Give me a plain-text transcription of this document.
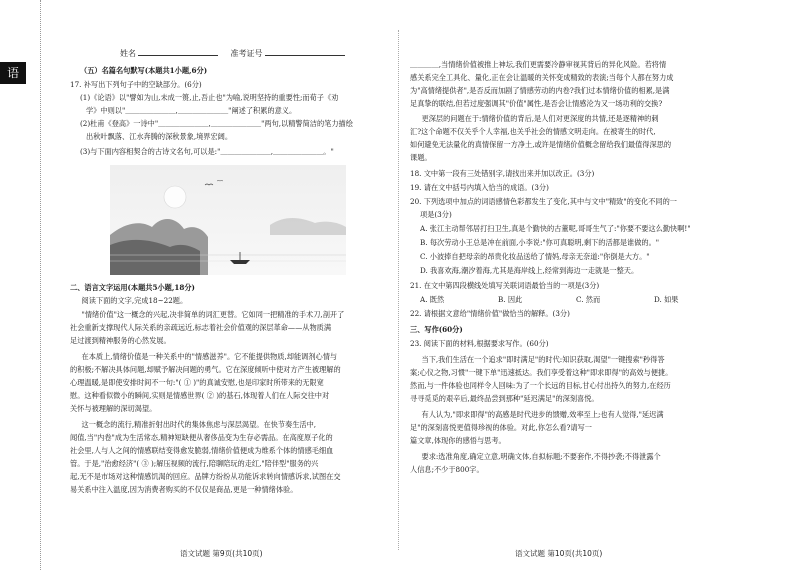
语
姓名	准考证号
（五）名篇名句默写(本题共1小题,6分)
17. 补写出下列句子中的空缺部分。(6分)
(1)《论语》以"譬如为山,未成一篑,止,吾止也"为喻,说明坚持的重要性;而荀子《劝
学》中则以"＿＿＿＿＿＿＿,＿＿＿＿＿＿＿"阐述了积累的意义。
(2)杜甫《登高》一诗中"＿＿＿＿＿＿＿,＿＿＿＿＿＿＿"两句,以精警简洁的笔力描绘
出秋叶飘落、江水奔腾的深秋景象,境界宏阔。
(3)与下面内容相契合的古诗文名句,可以是:"＿＿＿＿＿＿＿,＿＿＿＿＿＿＿。"
二、语言文字运用(本题共5小题,18分)
阅读下面的文字,完成18~22题。
"情绪价值"这一概念的兴起,决非简单的词汇更替。它如同一把精准的手术刀,剖开了
社会重新支撑现代人际关系的亲疏远近,标志着社会价值观的深层革命——从物质满
足过渡到精神服务的心然发展。
在本质上,情绪价值是一种关系中的"情感滋养"。它不能提供物质,却能调剂心情与
的积极;不解决具体问题,却赋予解决问题的勇气。它在深度倾听中使对方产生被理解的
心理温暖,是即使安排时间不一句:"( ① )"的真诚安慰,也是印家时所带来的无限宽
慰。这种看似微小的瞬间,实则是情感世界( ② )的基石,体现着人们在人际交往中对
关怀与被理解的深切渴望。
这一概念的流行,精准折射出时代的集体焦虑与深层渴望。在快节奏生活中,
闻值,当"内卷"成为生活常态,精神短缺便从奢侈品变为生存必需品。在高度原子化的
社会里,人与人之间的情感联结变得愈发脆弱,情绪价值便成为维系个体的情感毛细血
管。于是,"治愈经济"( ③ );解压视频的流行,陪聊陪玩的走红,"陪伴型"服务的兴
起,无不是市场对这种情感饥渴的回应。品牌方纷纷从功能诉求转向情感诉求,试图在交
易关系中注入温度,因为消费者购买的不仅仅是商品,更是一种情绪体验。
语文试题 第9页(共10页)
＿＿＿＿,当情绪价值被推上神坛,我们更需要冷静审视其背后的异化风险。若将情
感关系完全工具化、量化,正在会让温暖的关怀变成精致的表演;当每个人都在努力成
为"高情绪提供者",是否反而加剧了情感劳动的内卷?我们过本情绪价值的相累,是满
足真挚的联结,但若过度强调其"价值"属性,是否会让情感沦为又一场功利的交换?
更深层的问题在于:情绪价值的背后,是人们对更深度的共情,还是逐精神的刺
汇?这个命题不仅关乎个人幸福,也关乎社会的情感文明走向。在被寄生的时代,
如何避免无法量化的真情保留一方净土,或许是情绪价值概念留给我们最值得深思的
课题。
18. 文中第一段有三处错别字,请找出来并加以改正。(3分)
19. 请在文中括号内填入恰当的成语。(3分)
20. 下列选项中加点的词语感情色彩都发生了变化,其中与文中"精致"的变化不同的一
项是(3分)
A. 张江主动帮邻居打扫卫生,真是个勤快的古董呢,哥哥生气了:"你要不要这么勤快啊!"
B. 每次劳动小王总是冲在前面,小李说:"你可真聪明,剩下的活都是谁做的。"
C. 小波捧自把母亲的昂贵化妆品送给了情妈,母亲无奈道:"你倒是大方。"
D. 我喜欢海,潮汐着海,尤其是海岸线上,经常到海边一走就是一整天。
21. 在文中第四段横线处填写关联词语最恰当的一项是(3分)
A. 既然	B. 因此	C. 然而	D. 如果
22. 请根据文意给"情绪价值"做恰当的解释。(3分)
三、写作(60分)
23. 阅读下面的材料,根据要求写作。(60分)
当下,我们生活在一个追求"即时满足"的时代:知识获取,渴望"一键搜索"秒得答
案;心仪之物,习惯"一键下单"迅速抵达。我们享受着这种"即求即得"的高效与便捷。
然而,与一件体验也同样令人回味:为了一个长远的目标,甘心付出持久的努力,在经历
寻寻觅觅的艰辛后,最终品尝到那种"延迟满足"的深刻喜悦。
有人认为,"即求即得"的高感是时代进步的馈赠,效率至上;也有人觉得,"延迟满
足"的深刻喜悦更值得珍视的体验。对此,你怎么看?请写一
篇文章,体现你的感悟与思考。
要求:选准角度,确定立意,明确文体,自拟标题;不要套作,不得抄袭;不得泄露个
人信息;不少于800字。
语文试题 第10页(共10页)
